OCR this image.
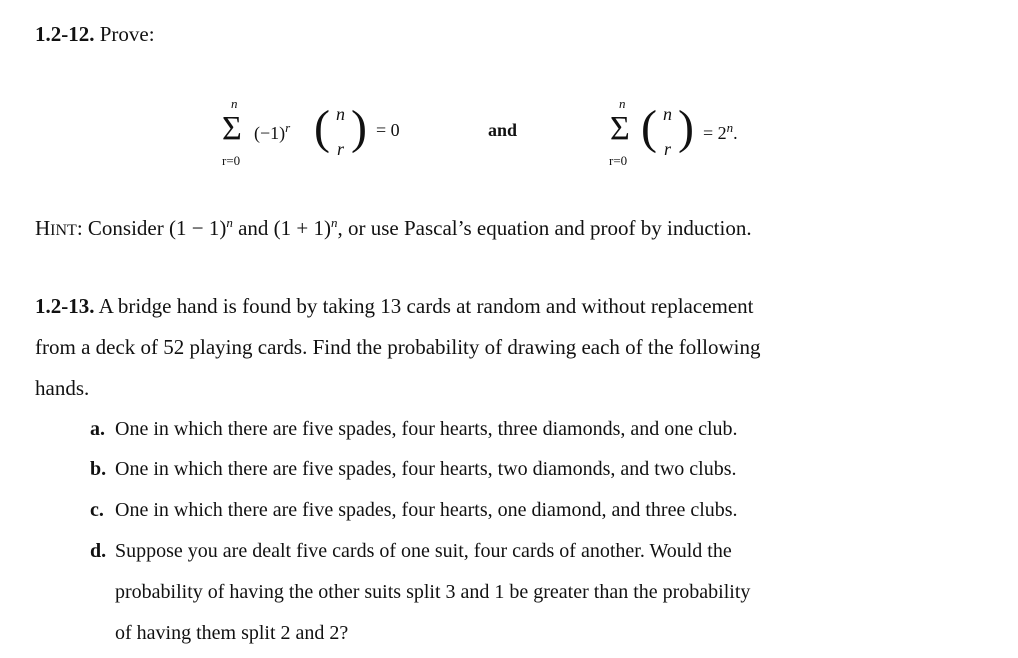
1.2-12. Prove:
n
Σ
r=0
$(-1)^r$ ( n
r ) = 0	and
n
Σ
r=0
( n
r ) = $2^n$.
HINT: Consider $(1 - 1)^n$ and $(1 + 1)^n$, or use Pascal’s equation and proof by induction.
1.2-13. A bridge hand is found by taking 13 cards at random and without replacement
from a deck of 52 playing cards. Find the probability of drawing each of the following
hands.
a. One in which there are five spades, four hearts, three diamonds, and one club.
b. One in which there are five spades, four hearts, two diamonds, and two clubs.
c. One in which there are five spades, four hearts, one diamond, and three clubs.
d. Suppose you are dealt five cards of one suit, four cards of another. Would the
probability of having the other suits split 3 and 1 be greater than the probability
of having them split 2 and 2?
